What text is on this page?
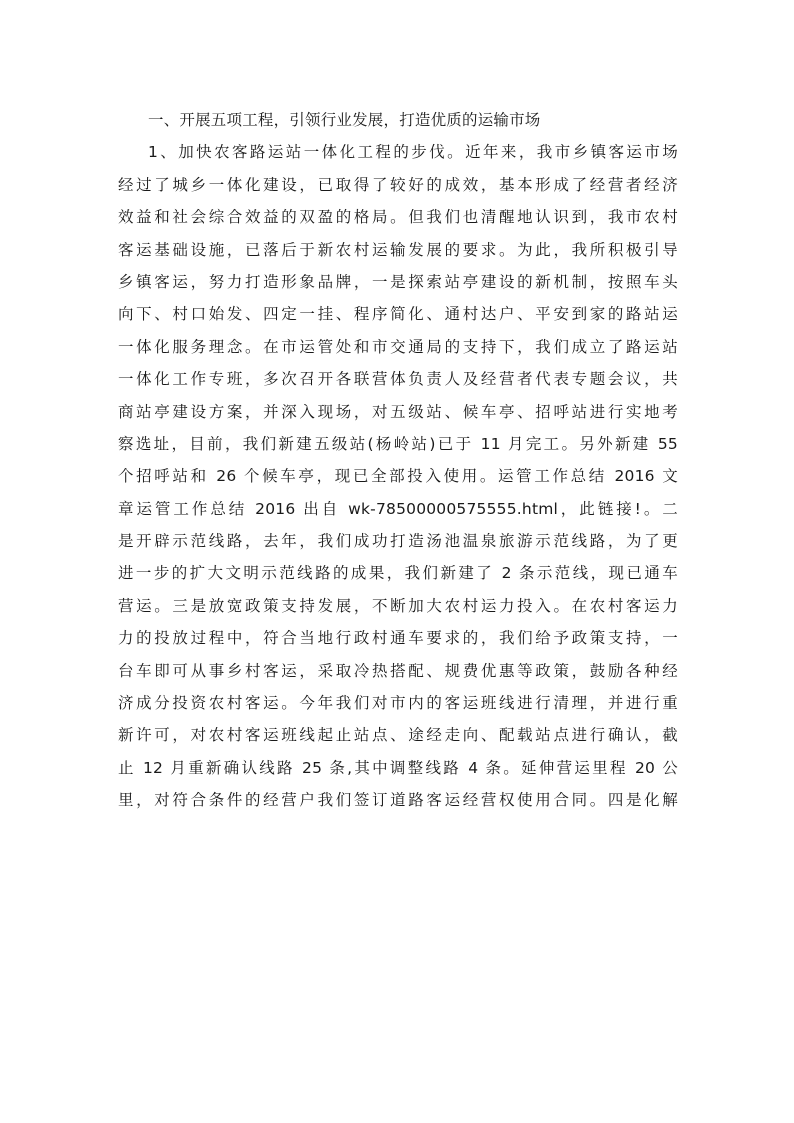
一、开展五项工程，引领行业发展，打造优质的运输市场

1、加快农客路运站一体化工程的步伐。近年来，我市乡镇客运市场
经过了城乡一体化建设，已取得了较好的成效，基本形成了经营者经济
效益和社会综合效益的双盈的格局。但我们也清醒地认识到，我市农村
客运基础设施，已落后于新农村运输发展的要求。为此，我所积极引导
乡镇客运，努力打造形象品牌，一是探索站亭建设的新机制，按照车头
向下、村口始发、四定一挂、程序简化、通村达户、平安到家的路站运
一体化服务理念。在市运管处和市交通局的支持下，我们成立了路运站
一体化工作专班，多次召开各联营体负责人及经营者代表专题会议，共
商站亭建设方案，并深入现场，对五级站、候车亭、招呼站进行实地考
察选址，目前，我们新建五级站(杨岭站)已于 11 月完工。另外新建 55
个招呼站和 26 个候车亭，现已全部投入使用。运管工作总结 2016 文
章运管工作总结 2016 出自 wk-78500000575555.html，此链接!。二
是开辟示范线路，去年，我们成功打造汤池温泉旅游示范线路，为了更
进一步的扩大文明示范线路的成果，我们新建了 2 条示范线，现已通车
营运。三是放宽政策支持发展，不断加大农村运力投入。在农村客运力
力的投放过程中，符合当地行政村通车要求的，我们给予政策支持，一
台车即可从事乡村客运，采取冷热搭配、规费优惠等政策，鼓励各种经
济成分投资农村客运。今年我们对市内的客运班线进行清理，并进行重
新许可，对农村客运班线起止站点、途经走向、配载站点进行确认，截
止 12 月重新确认线路 25 条,其中调整线路 4 条。延伸营运里程 20 公
里，对符合条件的经营户我们签订道路客运经营权使用合同。四是化解
